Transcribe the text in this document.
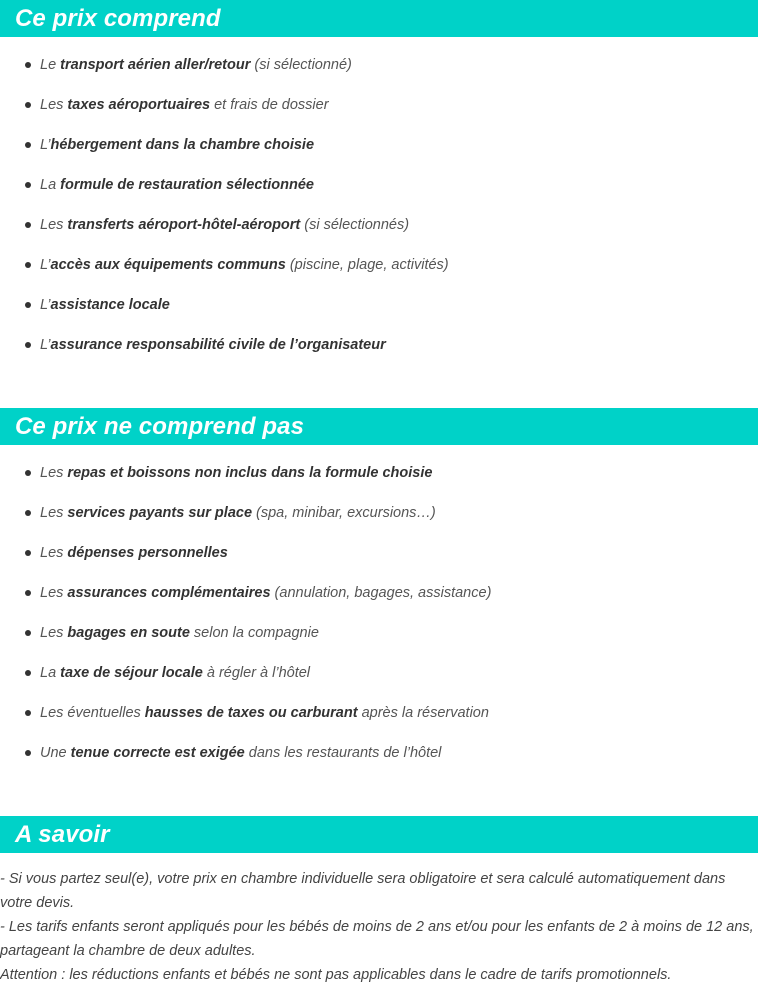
Ce prix comprend
Le transport aérien aller/retour (si sélectionné)
Les taxes aéroportuaires et frais de dossier
L’hébergement dans la chambre choisie
La formule de restauration sélectionnée
Les transferts aéroport-hôtel-aéroport (si sélectionnés)
L’accès aux équipements communs (piscine, plage, activités)
L’assistance locale
L’assurance responsabilité civile de l’organisateur
Ce prix ne comprend pas
Les repas et boissons non inclus dans la formule choisie
Les services payants sur place (spa, minibar, excursions…)
Les dépenses personnelles
Les assurances complémentaires (annulation, bagages, assistance)
Les bagages en soute selon la compagnie
La taxe de séjour locale à régler à l’hôtel
Les éventuelles hausses de taxes ou carburant après la réservation
Une tenue correcte est exigée dans les restaurants de l’hôtel
A savoir

- Si vous partez seul(e), votre prix en chambre individuelle sera obligatoire et sera calculé automatiquement dans votre devis.

- Les tarifs enfants seront appliqués pour les bébés de moins de 2 ans et/ou pour les enfants de 2 à moins de 12 ans, partageant la chambre de deux adultes.

Attention : les réductions enfants et bébés ne sont pas applicables dans le cadre de tarifs promotionnels.
